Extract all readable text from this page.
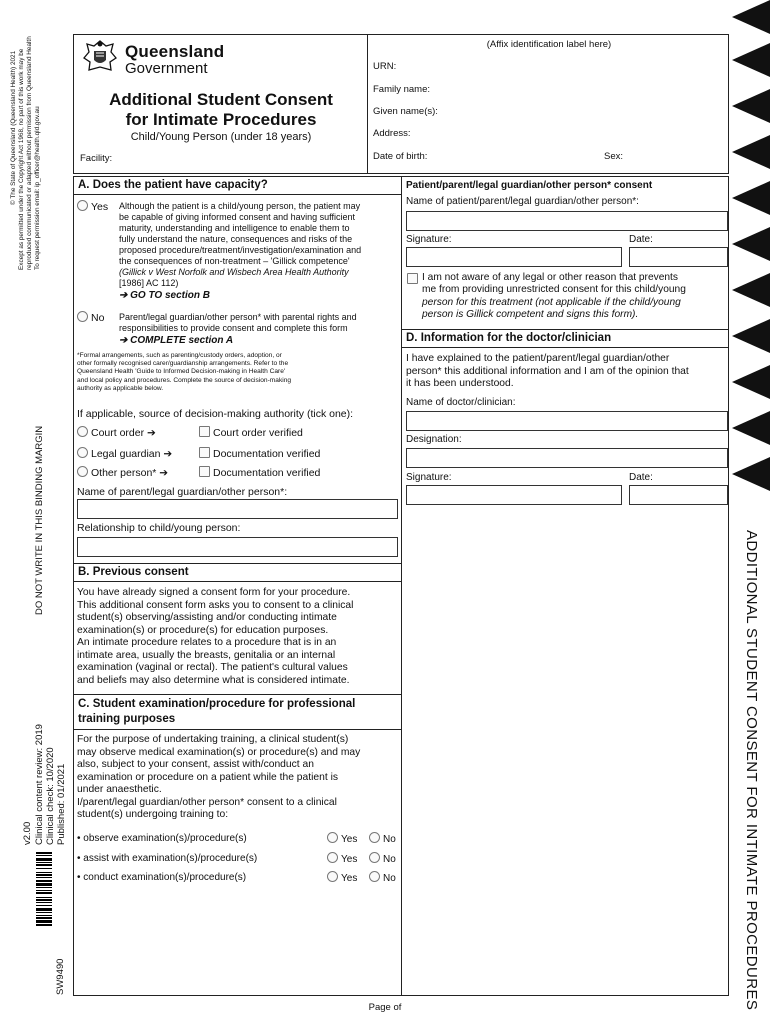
© The State of Queensland (Queensland Health) 2021 Except as permitted under the Copyright Act 1968, no part of this work may be reproduced communicated or adapted without permission from Queensland Health To request permission email: ip_officer@health.qld.gov.au
DO NOT WRITE IN THIS BINDING MARGIN
v2.00 Clinical content review: 2019 Clinical check: 10/2020 Published: 01/2021
SW9490	ADDITIONAL STUDENT CONSENT FOR INTIMATE PROCEDURES
Queensland
Government
Additional Student Consent
for Intimate Procedures
Child/Young Person (under 18 years)
Facility:
(Affix identification label here)
URN:
Family name:
Given name(s):
Address:
Date of birth:	Sex:
A. Does the patient have capacity?
Yes Although the patient is a child/young person, the patient may
be capable of giving informed consent and having sufficient
maturity, understanding and intelligence to enable them to
fully understand the nature, consequences and risks of the
proposed procedure/treatment/investigation/examination and
the consequences of non-treatment – 'Gillick competence'
(Gillick v West Norfolk and Wisbech Area Health Authority
[1986] AC 112)
➔ GO TO section B
No Parent/legal guardian/other person* with parental rights and
responsibilities to provide consent and complete this form
➔ COMPLETE section A
*Formal arrangements, such as parenting/custody orders, adoption, or
other formally recognised carer/guardianship arrangements. Refer to the
Queensland Health 'Guide to Informed Decision-making in Health Care'
and local policy and procedures. Complete the source of decision-making
authority as applicable below.
If applicable, source of decision-making authority (tick one):
Court order ➔	Court order verified
Legal guardian ➔	Documentation verified
Other person* ➔	Documentation verified
Name of parent/legal guardian/other person*:
Relationship to child/young person:
B. Previous consent
You have already signed a consent form for your procedure.
This additional consent form asks you to consent to a clinical
student(s) observing/assisting and/or conducting intimate
examination(s) or procedure(s) for education purposes.
An intimate procedure relates to a procedure that is in an
intimate area, usually the breasts, genitalia or an internal
examination (vaginal or rectal). The patient's cultural values
and beliefs may also determine what is considered intimate.
C. Student examination/procedure for professional
training purposes
For the purpose of undertaking training, a clinical student(s)
may observe medical examination(s) or procedure(s) and may
also, subject to your consent, assist with/conduct an
examination or procedure on a patient while the patient is
under anaesthetic.
I/parent/legal guardian/other person* consent to a clinical
student(s) undergoing training to:
• observe examination(s)/procedure(s)	Yes	No
• assist with examination(s)/procedure(s)	Yes	No
• conduct examination(s)/procedure(s)	Yes	No
Patient/parent/legal guardian/other person* consent
Name of patient/parent/legal guardian/other person*:
Signature:	Date:
I am not aware of any legal or other reason that prevents
me from providing unrestricted consent for this child/young
person for this treatment (not applicable if the child/young
person is Gillick competent and signs this form).
D. Information for the doctor/clinician
I have explained to the patient/parent/legal guardian/other
person* this additional information and I am of the opinion that
it has been understood.
Name of doctor/clinician:
Designation:
Signature:	Date:
Page of
